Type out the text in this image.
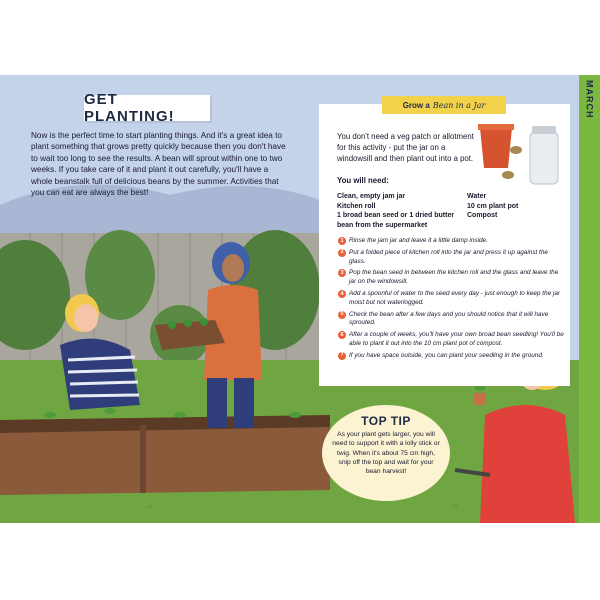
GET PLANTING!

Now is the perfect time to start planting things. And it's a great idea to plant something that grows pretty quickly because then you don't have to wait too long to see the results. A bean will sprout within one to two weeks. If you take care of it and plant it out carefully, you'll have a whole beanstalk full of delicious beans by the summer. Activities that you can eat are always the best!

Grow a Bean in a Jar

You don't need a veg patch or allotment for this activity - put the jar on a windowsill and then plant out into a pot.

You will need:
Clean, empty jam jar
Kitchen roll
1 broad bean seed or 1 dried butter bean from the supermarket
Water
10 cm plant pot
Compost
1 Rinse the jam jar and leave it a little damp inside.
2 Put a folded piece of kitchen roll into the jar and press it up against the glass.
3 Pop the bean seed in between the kitchen roll and the glass and leave the jar on the windowsill.
4 Add a spoonful of water to the seed every day - just enough to keep the jar moist but not waterlogged.
5 Check the bean after a few days and you should notice that it will have sprouted.
6 After a couple of weeks, you'll have your own broad bean seedling! You'll be able to plant it out into the 10 cm plant pot of compost.
7 If you have space outside, you can plant your seedling in the ground.
TOP TIP

As your plant gets larger, you will need to support it with a lolly stick or twig. When it's about 75 cm high, snip off the top and wait for your bean harvest!

46	47
MARCH
